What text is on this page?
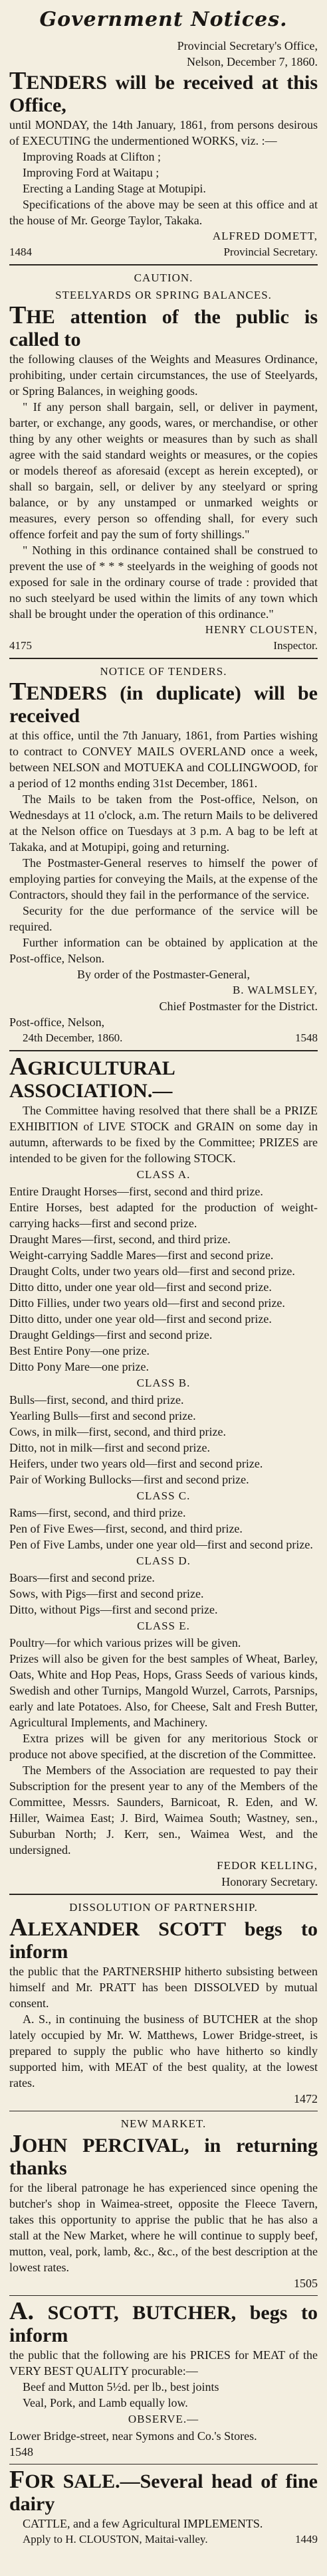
Government Notices.

Provincial Secretary's Office,

Nelson, December 7, 1860.

TENDERS will be received at this Office,

until MONDAY, the 14th January, 1861, from persons desirous of EXECUTING the undermentioned WORKS, viz. :—

Improving Roads at Clifton ;

Improving Ford at Waitapu ;

Erecting a Landing Stage at Motupipi.

Specifications of the above may be seen at this office and at the house of Mr. George Taylor, Takaka.

ALFRED DOMETT,

1484	Provincial Secretary.
CAUTION.
STEELYARDS OR SPRING BALANCES.

THE attention of the public is called to

the following clauses of the Weights and Measures Ordinance, prohibiting, under certain circumstances, the use of Steelyards, or Spring Balances, in weighing goods.

" If any person shall bargain, sell, or deliver in payment, barter, or exchange, any goods, wares, or merchandise, or other thing by any other weights or measures than by such as shall agree with the said standard weights or measures, or the copies or models thereof as aforesaid (except as herein excepted), or shall so bargain, sell, or deliver by any steelyard or spring balance, or by any unstamped or unmarked weights or measures, every person so offending shall, for every such offence forfeit and pay the sum of forty shillings."

" Nothing in this ordinance contained shall be construed to prevent the use of * * * steelyards in the weighing of goods not exposed for sale in the ordinary course of trade : provided that no such steelyard be used within the limits of any town which shall be brought under the operation of this ordinance."

HENRY CLOUSTEN,

4175	Inspector.
NOTICE OF TENDERS.

TENDERS (in duplicate) will be received

at this office, until the 7th January, 1861, from Parties wishing to contract to CONVEY MAILS OVERLAND once a week, between NELSON and MOTUEKA and COLLINGWOOD, for a period of 12 months ending 31st December, 1861.

The Mails to be taken from the Post-office, Nelson, on Wednesdays at 11 o'clock, a.m. The return Mails to be delivered at the Nelson office on Tuesdays at 3 p.m. A bag to be left at Takaka, and at Motupipi, going and returning.

The Postmaster-General reserves to himself the power of employing parties for conveying the Mails, at the expense of the Contractors, should they fail in the performance of the service.

Security for the due performance of the service will be required.

Further information can be obtained by application at the Post-office, Nelson.

By order of the Postmaster-General,

B. WALMSLEY,

Chief Postmaster for the District.

Post-office, Nelson,

24th December, 1860.	1548

AGRICULTURAL ASSOCIATION.—

The Committee having resolved that there shall be a PRIZE EXHIBITION of LIVE STOCK and GRAIN on some day in autumn, afterwards to be fixed by the Committee; PRIZES are intended to be given for the following STOCK.

CLASS A.

Entire Draught Horses—first, second and third prize.

Entire Horses, best adapted for the production of weight-carrying hacks—first and second prize.

Draught Mares—first, second, and third prize.

Weight-carrying Saddle Mares—first and second prize.

Draught Colts, under two years old—first and second prize.

Ditto ditto, under one year old—first and second prize.

Ditto Fillies, under two years old—first and second prize.

Ditto ditto, under one year old—first and second prize.

Draught Geldings—first and second prize.

Best Entire Pony—one prize.

Ditto Pony Mare—one prize.

CLASS B.

Bulls—first, second, and third prize.

Yearling Bulls—first and second prize.

Cows, in milk—first, second, and third prize.

Ditto, not in milk—first and second prize.

Heifers, under two years old—first and second prize.

Pair of Working Bullocks—first and second prize.

CLASS C.

Rams—first, second, and third prize.

Pen of Five Ewes—first, second, and third prize.

Pen of Five Lambs, under one year old—first and second prize.

CLASS D.

Boars—first and second prize.

Sows, with Pigs—first and second prize.

Ditto, without Pigs—first and second prize.

CLASS E.

Poultry—for which various prizes will be given.

Prizes will also be given for the best samples of Wheat, Barley, Oats, White and Hop Peas, Hops, Grass Seeds of various kinds, Swedish and other Turnips, Mangold Wurzel, Carrots, Parsnips, early and late Potatoes. Also, for Cheese, Salt and Fresh Butter, Agricultural Implements, and Machinery.

Extra prizes will be given for any meritorious Stock or produce not above specified, at the discretion of the Committee.

The Members of the Association are requested to pay their Subscription for the present year to any of the Members of the Committee, Messrs. Saunders, Barnicoat, R. Eden, and W. Hiller, Waimea East; J. Bird, Waimea South; Wastney, sen., Suburban North; J. Kerr, sen., Waimea West, and the undersigned.

FEDOR KELLING,

Honorary Secretary.

DISSOLUTION OF PARTNERSHIP.

ALEXANDER SCOTT begs to inform

the public that the PARTNERSHIP hitherto subsisting between himself and Mr. PRATT has been DISSOLVED by mutual consent.

A. S., in continuing the business of BUTCHER at the shop lately occupied by Mr. W. Matthews, Lower Bridge-street, is prepared to supply the public who have hitherto so kindly supported him, with MEAT of the best quality, at the lowest rates.

1472

NEW MARKET.

JOHN PERCIVAL, in returning thanks

for the liberal patronage he has experienced since opening the butcher's shop in Waimea-street, opposite the Fleece Tavern, takes this opportunity to apprise the public that he has also a stall at the New Market, where he will continue to supply beef, mutton, veal, pork, lamb, &c., &c., of the best description at the lowest rates.

1505

A. SCOTT, BUTCHER, begs to inform

the public that the following are his PRICES for MEAT of the VERY BEST QUALITY procurable:—

Beef and Mutton 5½d. per lb., best joints

Veal, Pork, and Lamb equally low.

OBSERVE.—

Lower Bridge-street, near Symons and Co.'s Stores.

1548

FOR SALE.—Several head of fine dairy

CATTLE, and a few Agricultural IMPLEMENTS.

Apply to H. CLOUSTON, Maitai-valley.	1449
